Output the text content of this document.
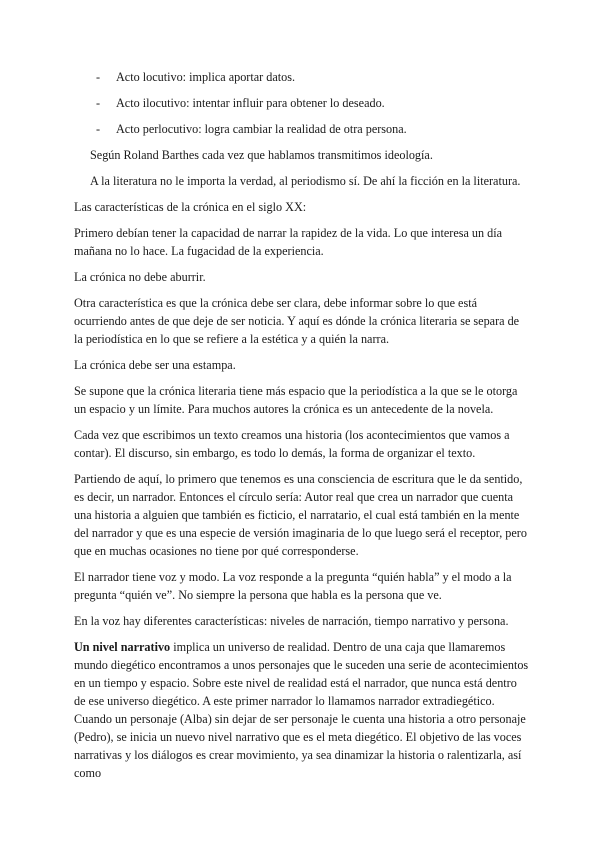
-	Acto locutivo: implica aportar datos.
-	Acto ilocutivo: intentar influir para obtener lo deseado.
-	Acto perlocutivo: logra cambiar la realidad de otra persona.

Según Roland Barthes cada vez que hablamos transmitimos ideología.

A la literatura no le importa la verdad, al periodismo sí. De ahí la ficción en la literatura.

Las características de la crónica en el siglo XX:

Primero debían tener la capacidad de narrar la rapidez de la vida. Lo que interesa un día mañana no lo hace. La fugacidad de la experiencia.

La crónica no debe aburrir.

Otra característica es que la crónica debe ser clara, debe informar sobre lo que está ocurriendo antes de que deje de ser noticia. Y aquí es dónde la crónica literaria se separa de la periodística en lo que se refiere a la estética y a quién la narra.

La crónica debe ser una estampa.

Se supone que la crónica literaria tiene más espacio que la periodística a la que se le otorga un espacio y un límite. Para muchos autores la crónica es un antecedente de la novela.

Cada vez que escribimos un texto creamos una historia (los acontecimientos que vamos a contar). El discurso, sin embargo, es todo lo demás, la forma de organizar el texto.

Partiendo de aquí, lo primero que tenemos es una consciencia de escritura que le da sentido, es decir, un narrador. Entonces el círculo sería: Autor real que crea un narrador que cuenta una historia a alguien que también es ficticio, el narratario, el cual está también en la mente del narrador y que es una especie de versión imaginaria de lo que luego será el receptor, pero que en muchas ocasiones no tiene por qué corresponderse.

El narrador tiene voz y modo. La voz responde a la pregunta “quién habla” y el modo a la pregunta “quién ve”. No siempre la persona que habla es la persona que ve.

En la voz hay diferentes características: niveles de narración, tiempo narrativo y persona.

Un nivel narrativo implica un universo de realidad. Dentro de una caja que llamaremos mundo diegético encontramos a unos personajes que le suceden una serie de acontecimientos en un tiempo y espacio. Sobre este nivel de realidad está el narrador, que nunca está dentro de ese universo diegético. A este primer narrador lo llamamos narrador extradiegético. Cuando un personaje (Alba) sin dejar de ser personaje le cuenta una historia a otro personaje (Pedro), se inicia un nuevo nivel narrativo que es el meta diegético. El objetivo de las voces narrativas y los diálogos es crear movimiento, ya sea dinamizar la historia o ralentizarla, así como
